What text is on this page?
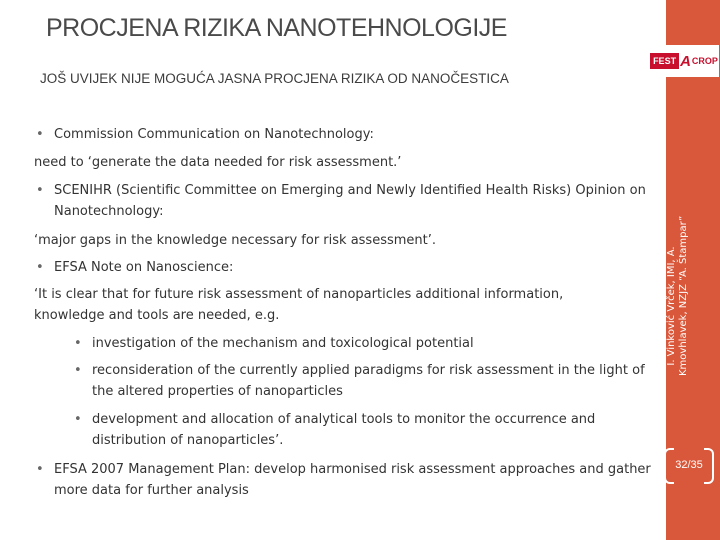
PROCJENA RIZIKA NANOTEHNOLOGIJE
JOŠ UVIJEK NIJE MOGUĆA JASNA PROCJENA RIZIKA OD NANOČESTICA
• Commission Communication on Nanotechnology:
need to ‘generate the data needed for risk assessment.’
• SCENIHR (Scientific Committee on Emerging and Newly Identified Health Risks) Opinion on Nanotechnology:
‘major gaps in the knowledge necessary for risk assessment’.
• EFSA Note on Nanoscience:
‘It is clear that for future risk assessment of nanoparticles additional information, knowledge and tools are needed, e.g.
• investigation of the mechanism and toxicological potential
• reconsideration of the currently applied paradigms for risk assessment in the light of the altered properties of nanoparticles
• development and allocation of analytical tools to monitor the occurrence and distribution of nanoparticles’.
• EFSA 2007 Management Plan: develop harmonised risk assessment approaches and gather more data for further analysis
FEST A CROP
I. Vinković Vrček, IMI, A. Kmovhlavek, NZJZ “A. Štampar”
32/35
